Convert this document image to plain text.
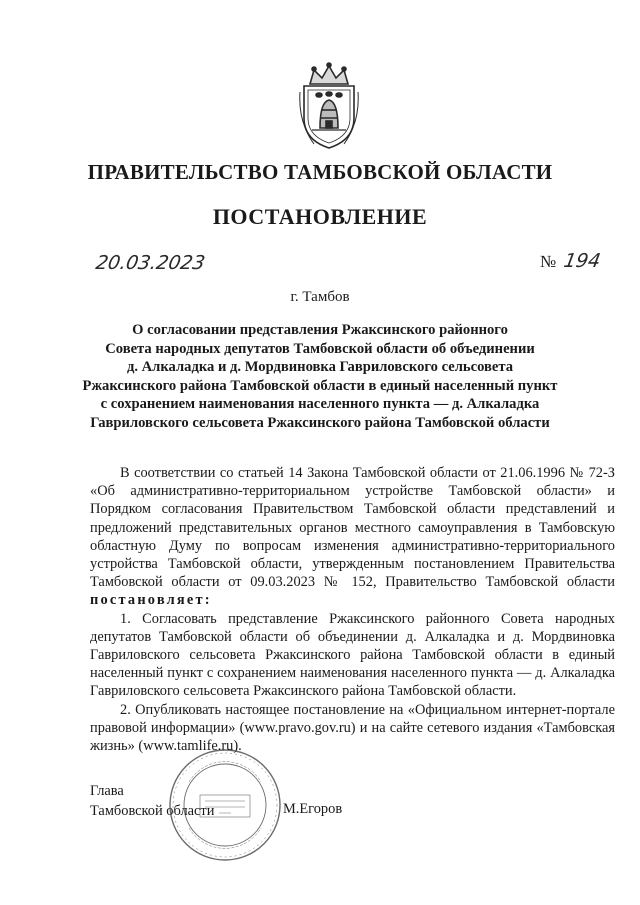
ПРАВИТЕЛЬСТВО ТАМБОВСКОЙ ОБЛАСТИ
ПОСТАНОВЛЕНИЕ
20.03.2023	№ 194
г. Тамбов
О согласовании представления Ржаксинского районного
Совета народных депутатов Тамбовской области об объединении
д. Алкаладка и д. Мордвиновка Гавриловского сельсовета
Ржаксинского района Тамбовской области в единый населенный пункт
с сохранением наименования населенного пункта — д. Алкаладка
Гавриловского сельсовета Ржаксинского района Тамбовской области

В соответствии со статьей 14 Закона Тамбовской области от 21.06.1996 № 72-З «Об административно-территориальном устройстве Тамбовской области» и Порядком согласования Правительством Тамбовской области представлений и предложений представительных органов местного самоуправления в Тамбовскую областную Думу по вопросам изменения административно-территориального устройства Тамбовской области, утвержденным постановлением Правительства Тамбовской области от 09.03.2023 № 152, Правительство Тамбовской области постановляет:

1. Согласовать представление Ржаксинского районного Совета народных депутатов Тамбовской области об объединении д. Алкаладка и д. Мордвиновка Гавриловского сельсовета Ржаксинского района Тамбовской области в единый населенный пункт с сохранением наименования населенного пункта — д. Алкаладка Гавриловского сельсовета Ржаксинского района Тамбовской области.

2. Опубликовать настоящее постановление на «Официальном интернет-портале правовой информации» (www.pravo.gov.ru) и на сайте сетевого издания «Тамбовская жизнь» (www.tamlife.ru).

Глава
Тамбовской области	М.Егоров
